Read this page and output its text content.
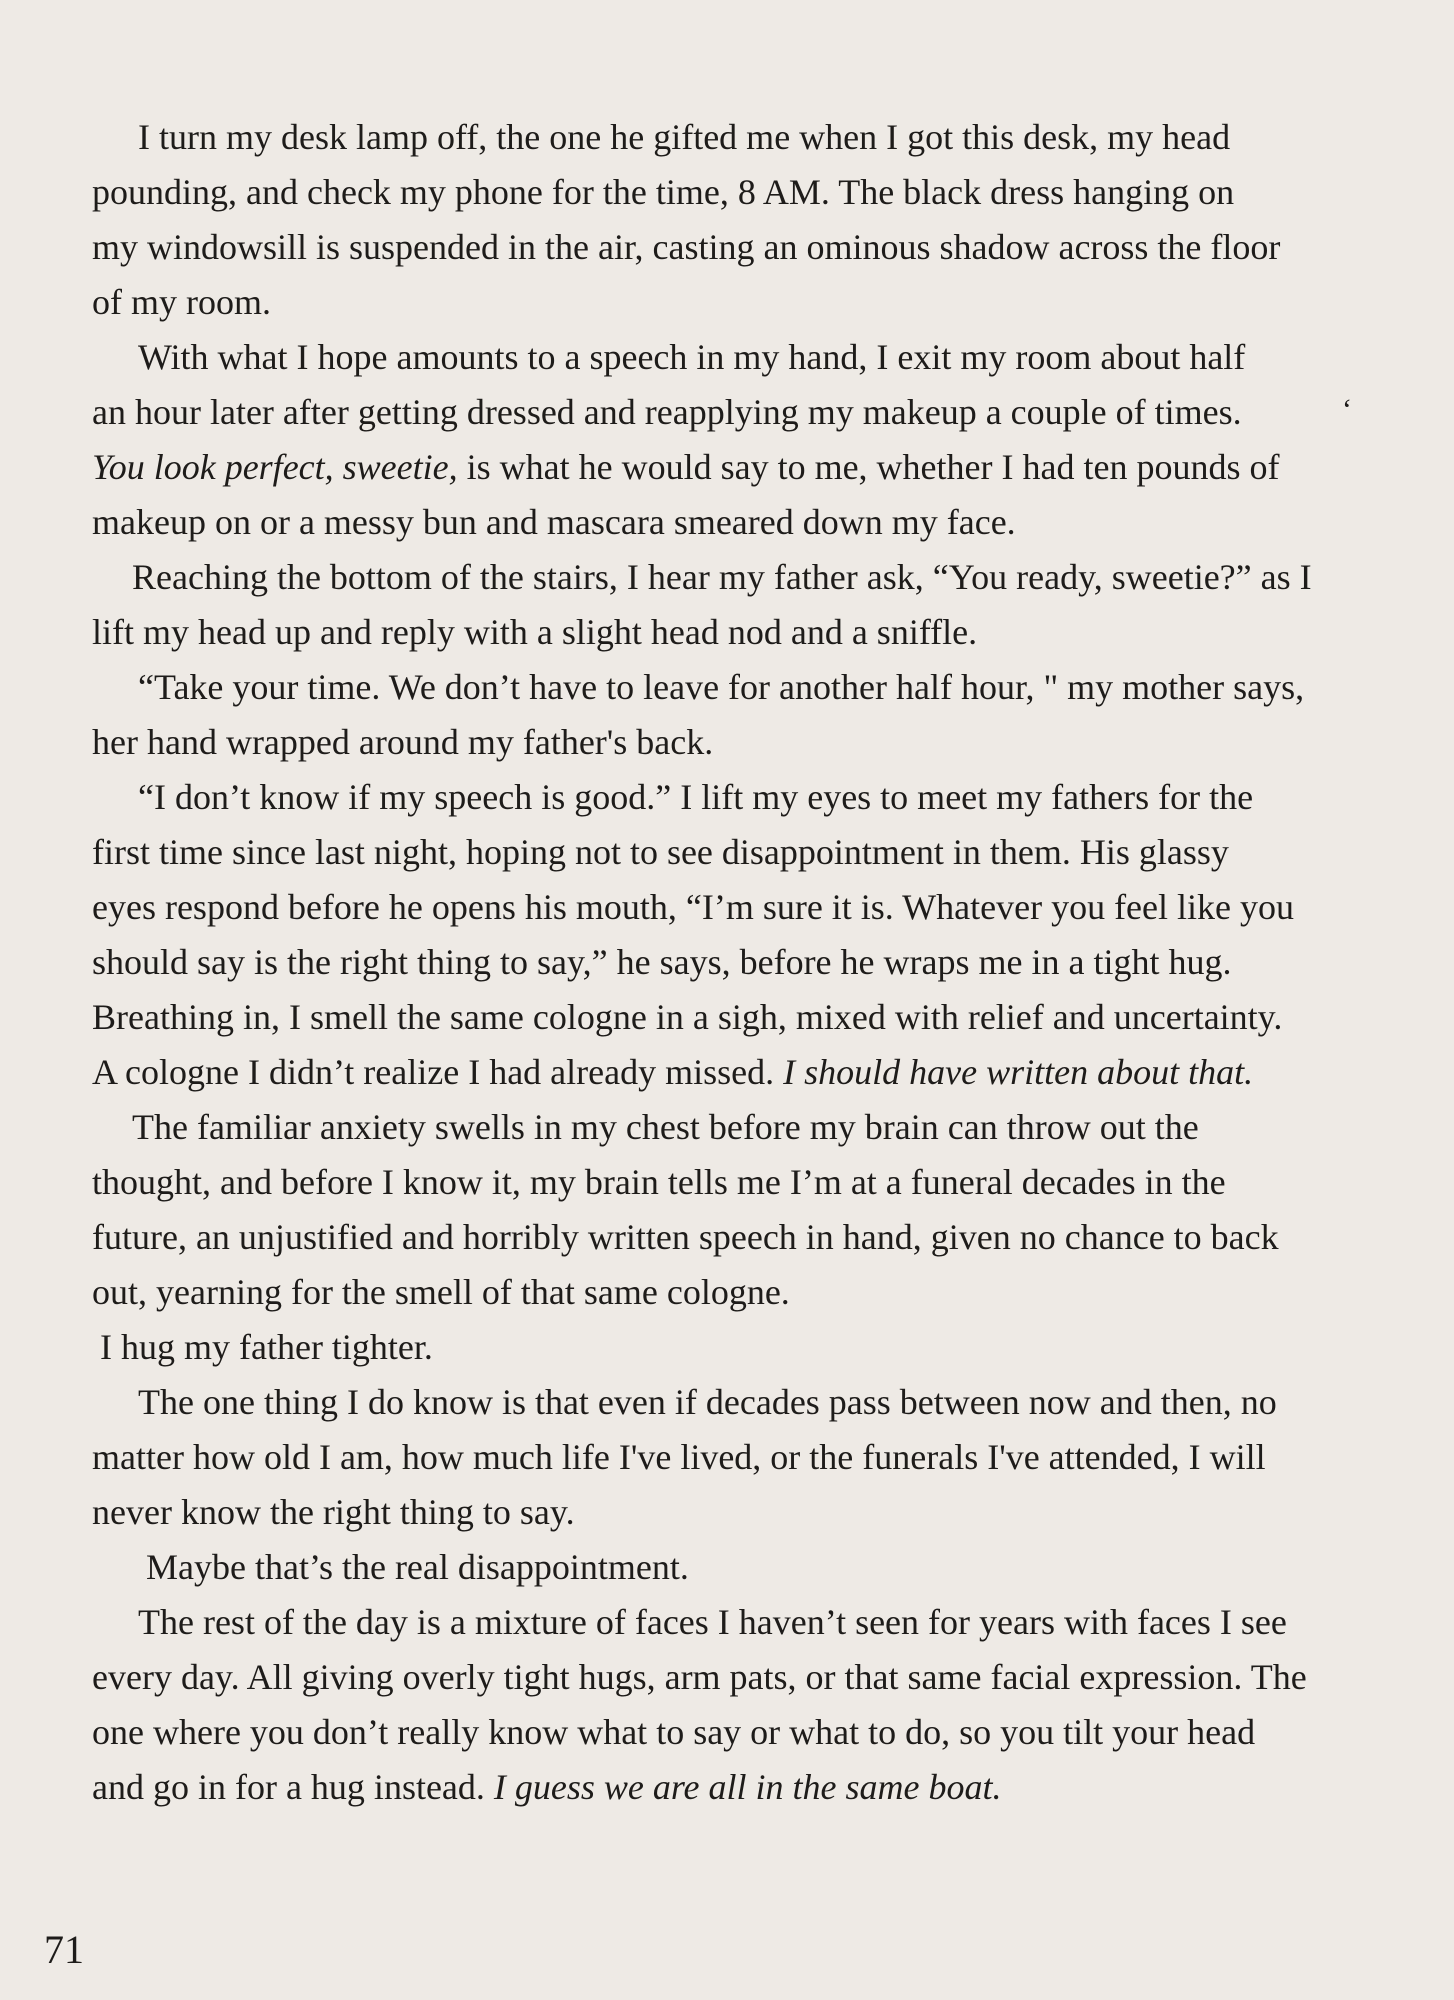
I turn my desk lamp off, the one he gifted me when I got this desk, my head
pounding, and check my phone for the time, 8 AM. The black dress hanging on
my windowsill is suspended in the air, casting an ominous shadow across the floor
of my room.
With what I hope amounts to a speech in my hand, I exit my room about half
an hour later after getting dressed and reapplying my makeup a couple of times.
You look perfect, sweetie, is what he would say to me, whether I had ten pounds of
makeup on or a messy bun and mascara smeared down my face.
Reaching the bottom of the stairs, I hear my father ask, “You ready, sweetie?” as I
lift my head up and reply with a slight head nod and a sniffle.
“Take your time. We don’t have to leave for another half hour, " my mother says,
her hand wrapped around my father's back.
“I don’t know if my speech is good.” I lift my eyes to meet my fathers for the
first time since last night, hoping not to see disappointment in them. His glassy
eyes respond before he opens his mouth, “I’m sure it is. Whatever you feel like you
should say is the right thing to say,” he says, before he wraps me in a tight hug.
Breathing in, I smell the same cologne in a sigh, mixed with relief and uncertainty.
A cologne I didn’t realize I had already missed. I should have written about that.
The familiar anxiety swells in my chest before my brain can throw out the
thought, and before I know it, my brain tells me I’m at a funeral decades in the
future, an unjustified and horribly written speech in hand, given no chance to back
out, yearning for the smell of that same cologne.
I hug my father tighter.
The one thing I do know is that even if decades pass between now and then, no
matter how old I am, how much life I've lived, or the funerals I've attended, I will
never know the right thing to say.
Maybe that’s the real disappointment.
The rest of the day is a mixture of faces I haven’t seen for years with faces I see
every day. All giving overly tight hugs, arm pats, or that same facial expression. The
one where you don’t really know what to say or what to do, so you tilt your head
and go in for a hug instead. I guess we are all in the same boat.
‘
71
